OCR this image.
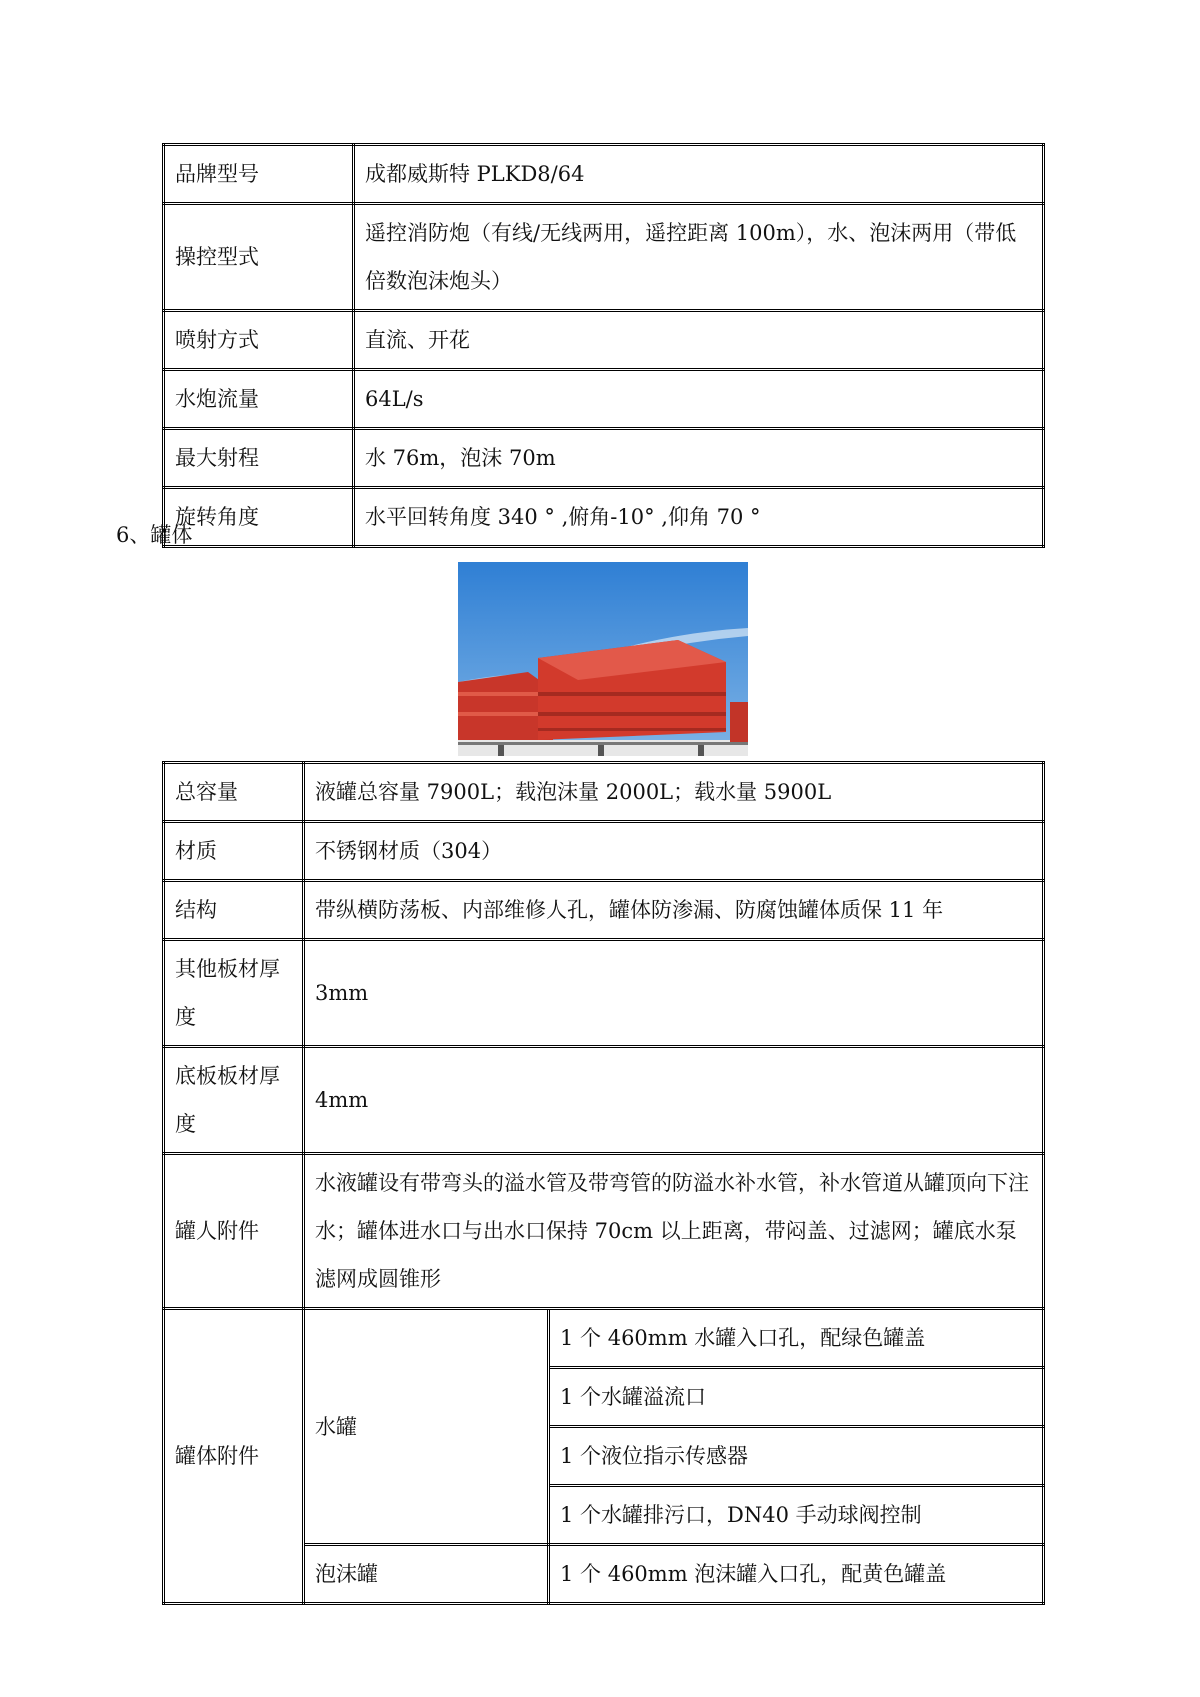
品牌型号	成都威斯特 PLKD8/64
操控型式	遥控消防炮（有线/无线两用，遥控距离 100m），水、泡沫两用（带低倍数泡沫炮头）
喷射方式	直流、开花
水炮流量	64L/s
最大射程	水 76m，泡沫 70m
旋转角度	水平回转角度 340 ° ,俯角-10° ,仰角 70 °
6、罐体
总容量	液罐总容量 7900L；载泡沫量 2000L；载水量 5900L	
材质	不锈钢材质（304）	
结构	带纵横防荡板、内部维修人孔，罐体防渗漏、防腐蚀罐体质保 11 年	
其他板材厚度	3mm	
底板板材厚度	4mm	
罐人附件	水液罐设有带弯头的溢水管及带弯管的防溢水补水管，补水管道从罐顶向下注水；罐体进水口与出水口保持 70cm 以上距离，带闷盖、过滤网；罐底水泵滤网成圆锥形	
罐体附件	水罐	1 个 460mm 水罐入口孔，配绿色罐盖
		1 个水罐溢流口
		1 个液位指示传感器
		1 个水罐排污口，DN40 手动球阀控制
	泡沫罐	1 个 460mm 泡沫罐入口孔，配黄色罐盖
